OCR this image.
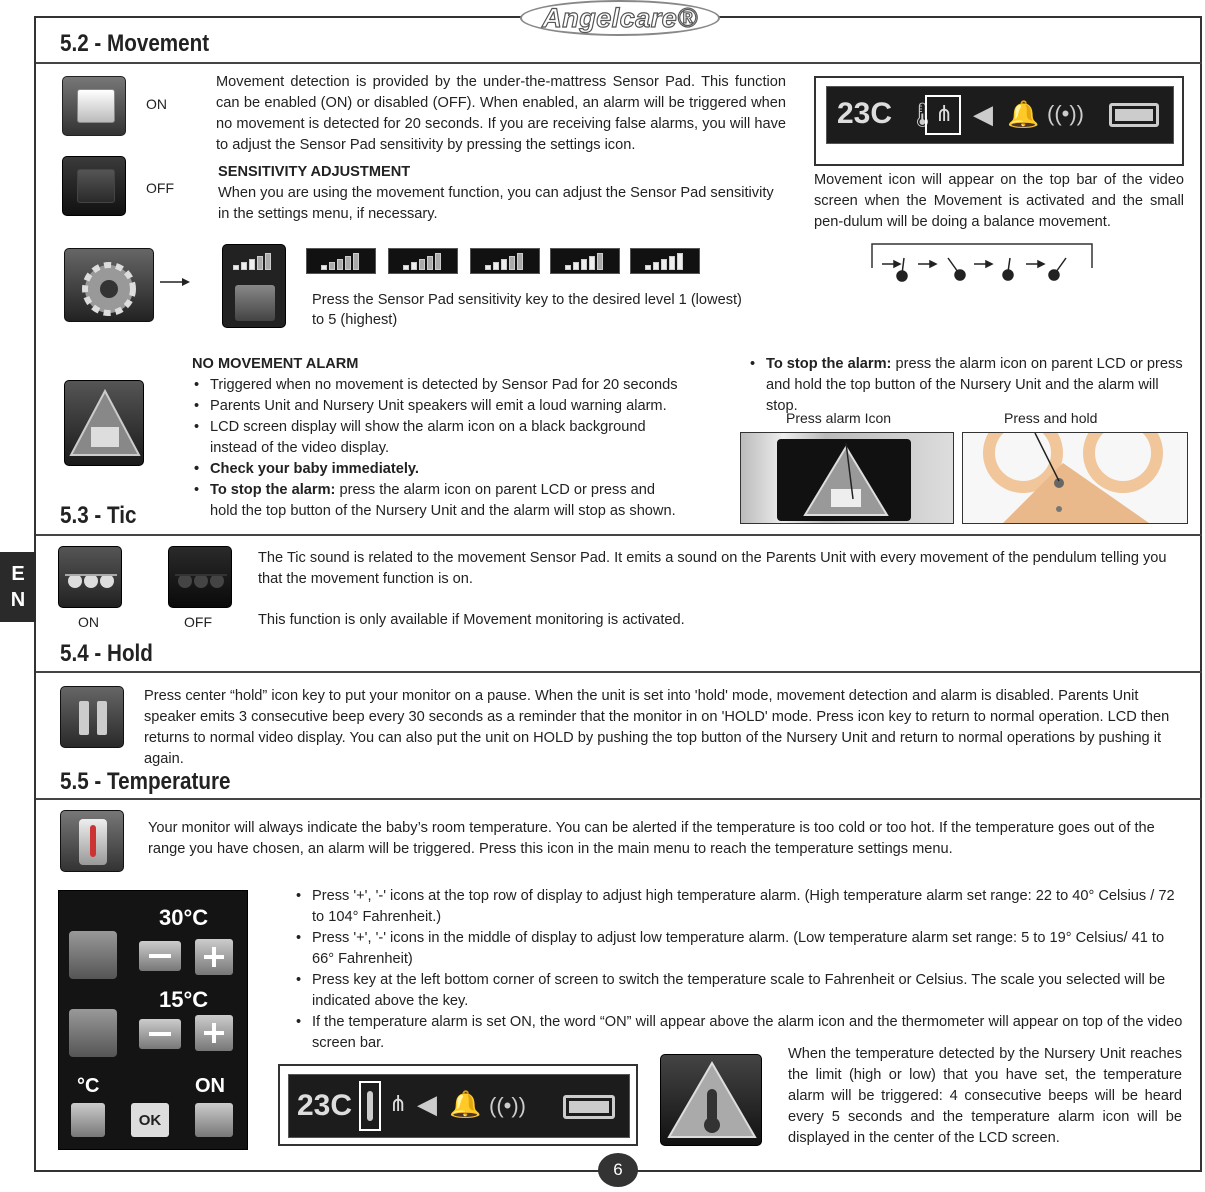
Angelcare®
E
N
5.2 - Movement
ON
OFF
Movement detection is provided by the under-the-mattress Sensor Pad. This function can be enabled (ON) or disabled (OFF). When enabled, an alarm will be triggered when no movement is detected for 20 seconds. If you are receiving false alarms, you will have to adjust the Sensor Pad sensitivity by pressing the settings icon.
SENSITIVITY ADJUSTMENT
When you are using the movement function, you can adjust the Sensor Pad sensitivity in the settings menu, if necessary.
23C 🌡
⋔ ◀ 🔔 ((•))
Movement icon will appear on the top bar of the video screen when the Movement is activated and the small pen-dulum will be doing a balance movement.
Press the Sensor Pad sensitivity key to the desired level 1 (lowest)
to 5 (highest)
NO MOVEMENT ALARM
• Triggered when no movement is detected by Sensor Pad for 20 seconds
• Parents Unit and Nursery Unit speakers will emit a loud warning alarm.
• LCD screen display will show the alarm icon on a black background instead of the video display.
• Check your baby immediately.
• To stop the alarm: press the alarm icon on parent LCD or press and hold the top button of the Nursery Unit and the alarm will stop as shown.
• To stop the alarm: press the alarm icon on parent LCD or press and hold the top button of the Nursery Unit and the alarm will stop.
Press alarm Icon	Press and hold
5.3 - Tic
ON	OFF
The Tic sound is related to the movement Sensor Pad. It emits a sound on the Parents Unit with every movement of the pendulum telling you that the movement function is on.
This function is only available if Movement monitoring is activated.
5.4 - Hold
Press center “hold” icon key to put your monitor on a pause. When the unit is set into 'hold' mode, movement detection and alarm is disabled. Parents Unit speaker emits 3 consecutive beep every 30 seconds as a reminder that the monitor in on 'HOLD' mode. Press icon key to return to normal operation. LCD then returns to normal video display. You can also put the unit on HOLD by pushing the top button of the Nursery Unit and return to normal operations by pushing it again.
5.5 - Temperature
Your monitor will always indicate the baby’s room temperature. You can be alerted if the temperature is too cold or too hot. If the temperature goes out of the range you have chosen, an alarm will be triggered. Press this icon in the main menu to reach the temperature settings menu.
30°C
15°C
°C	ON
OK
• Press '+', '-' icons at the top row of display to adjust high temperature alarm. (High temperature alarm set range: 22 to 40° Celsius / 72 to 104° Fahrenheit.)
• Press '+', '-' icons in the middle of display to adjust low temperature alarm. (Low temperature alarm set range: 5 to 19° Celsius/ 41 to 66° Fahrenheit)
• Press key at the left bottom corner of screen to switch the temperature scale to Fahrenheit or Celsius. The scale you selected will be indicated above the key.
• If the temperature alarm is set ON, the word “ON” will appear above the alarm icon and the thermometer will appear on top of the video screen bar.
23C ⋔ ◀ 🔔 ((•))
When the temperature detected by the Nursery Unit reaches the limit (high or low) that you have set, the temperature alarm will be triggered: 4 consecutive beeps will be heard every 5 seconds and the temperature alarm icon will be displayed in the center of the LCD screen.
6
